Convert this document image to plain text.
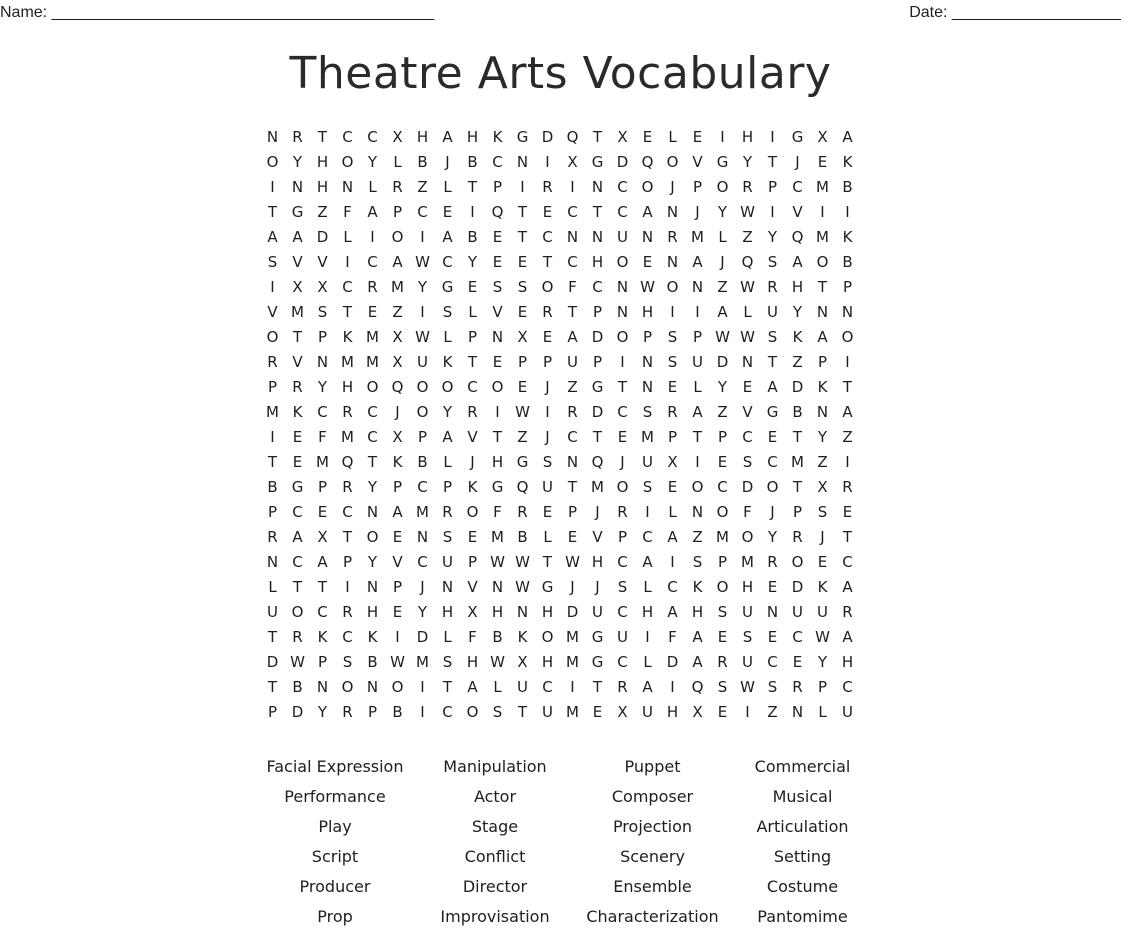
Name: ___________________________________________	Date: ___________________
Theatre Arts Vocabulary
N R	T	C C X H A H K G D Q T	X	E	L	E	I	H	I	G X A
O Y H O Y	L	B	J	B C N	I	X G D Q O V G Y	T	J	E	K
I	N H N	L	R Z	L	T	P	I	R	I	N C O	J	P O R	P	C M B
T G Z	F	A	P	C	E	I	Q T	E	C	T	C A N	J	Y W	I	V	I	I
A A D	L	I	O	I	A B	E	T	C N N U N R M L	Z	Y Q M K
S	V V	I	C A W C	Y	E	E	T	C H O E N A	J	Q S	A O B
I	X X C R M Y G E	S	S O F	C N W O N Z W R H T	P
V M S	T	E	Z	I	S	L	V	E	R	T	P N H	I	I	A	L	U Y N N
O T	P	K M X W L	P N X	E	A D O P	S	P W W S	K A O
R V N M M X U K	T	E	P	P U P	I	N S U D N T	Z	P	I
P	R	Y H O Q O O C O E	J	Z G T N E	L	Y	E	A D K	T
M K C R C	J	O Y	R	I	W	I	R D C	S	R A Z V G B N A
I	E	F M C X	P	A V	T	Z	J	C	T	E M P	T	P	C	E	T	Y	Z
T	E M Q T	K B	L	J	H G S N Q	J	U X	I	E	S C M Z	I
B G P	R	Y	P	C	P	K G Q U T M O S	E O C D O T	X R
P	C	E	C N A M R O F	R	E	P	J	R	I	L	N O F	J	P	S	E
R A X	T O E N S	E M B	L	E	V	P	C A Z M O Y	R	J	T
N C A	P	Y	V C U P W W T W H C A	I	S	P M R O E	C
L	T	T	I	N P	J	N V N W G	J	J	S	L	C K O H E D K A
U O C R H E	Y H X H N H D U C H A H S U N U U R
T	R K C K	I	D	L	F	B K O M G U	I	F	A	E	S	E	C W A
D W P	S	B W M S H W X H M G C	L	D A R U C	E	Y H
T	B N O N O	I	T	A	L	U C	I	T	R A	I	Q S W S	R	P	C
P D Y	R	P	B	I	C O S	T U M E	X U H X	E	I	Z N	L	U
Facial Expression	Manipulation	Puppet	Commercial
Performance	Actor	Composer	Musical
Play	Stage	Projection	Articulation
Script	Conflict	Scenery	Setting
Producer	Director	Ensemble	Costume
Prop	Improvisation	Characterization	Pantomime
